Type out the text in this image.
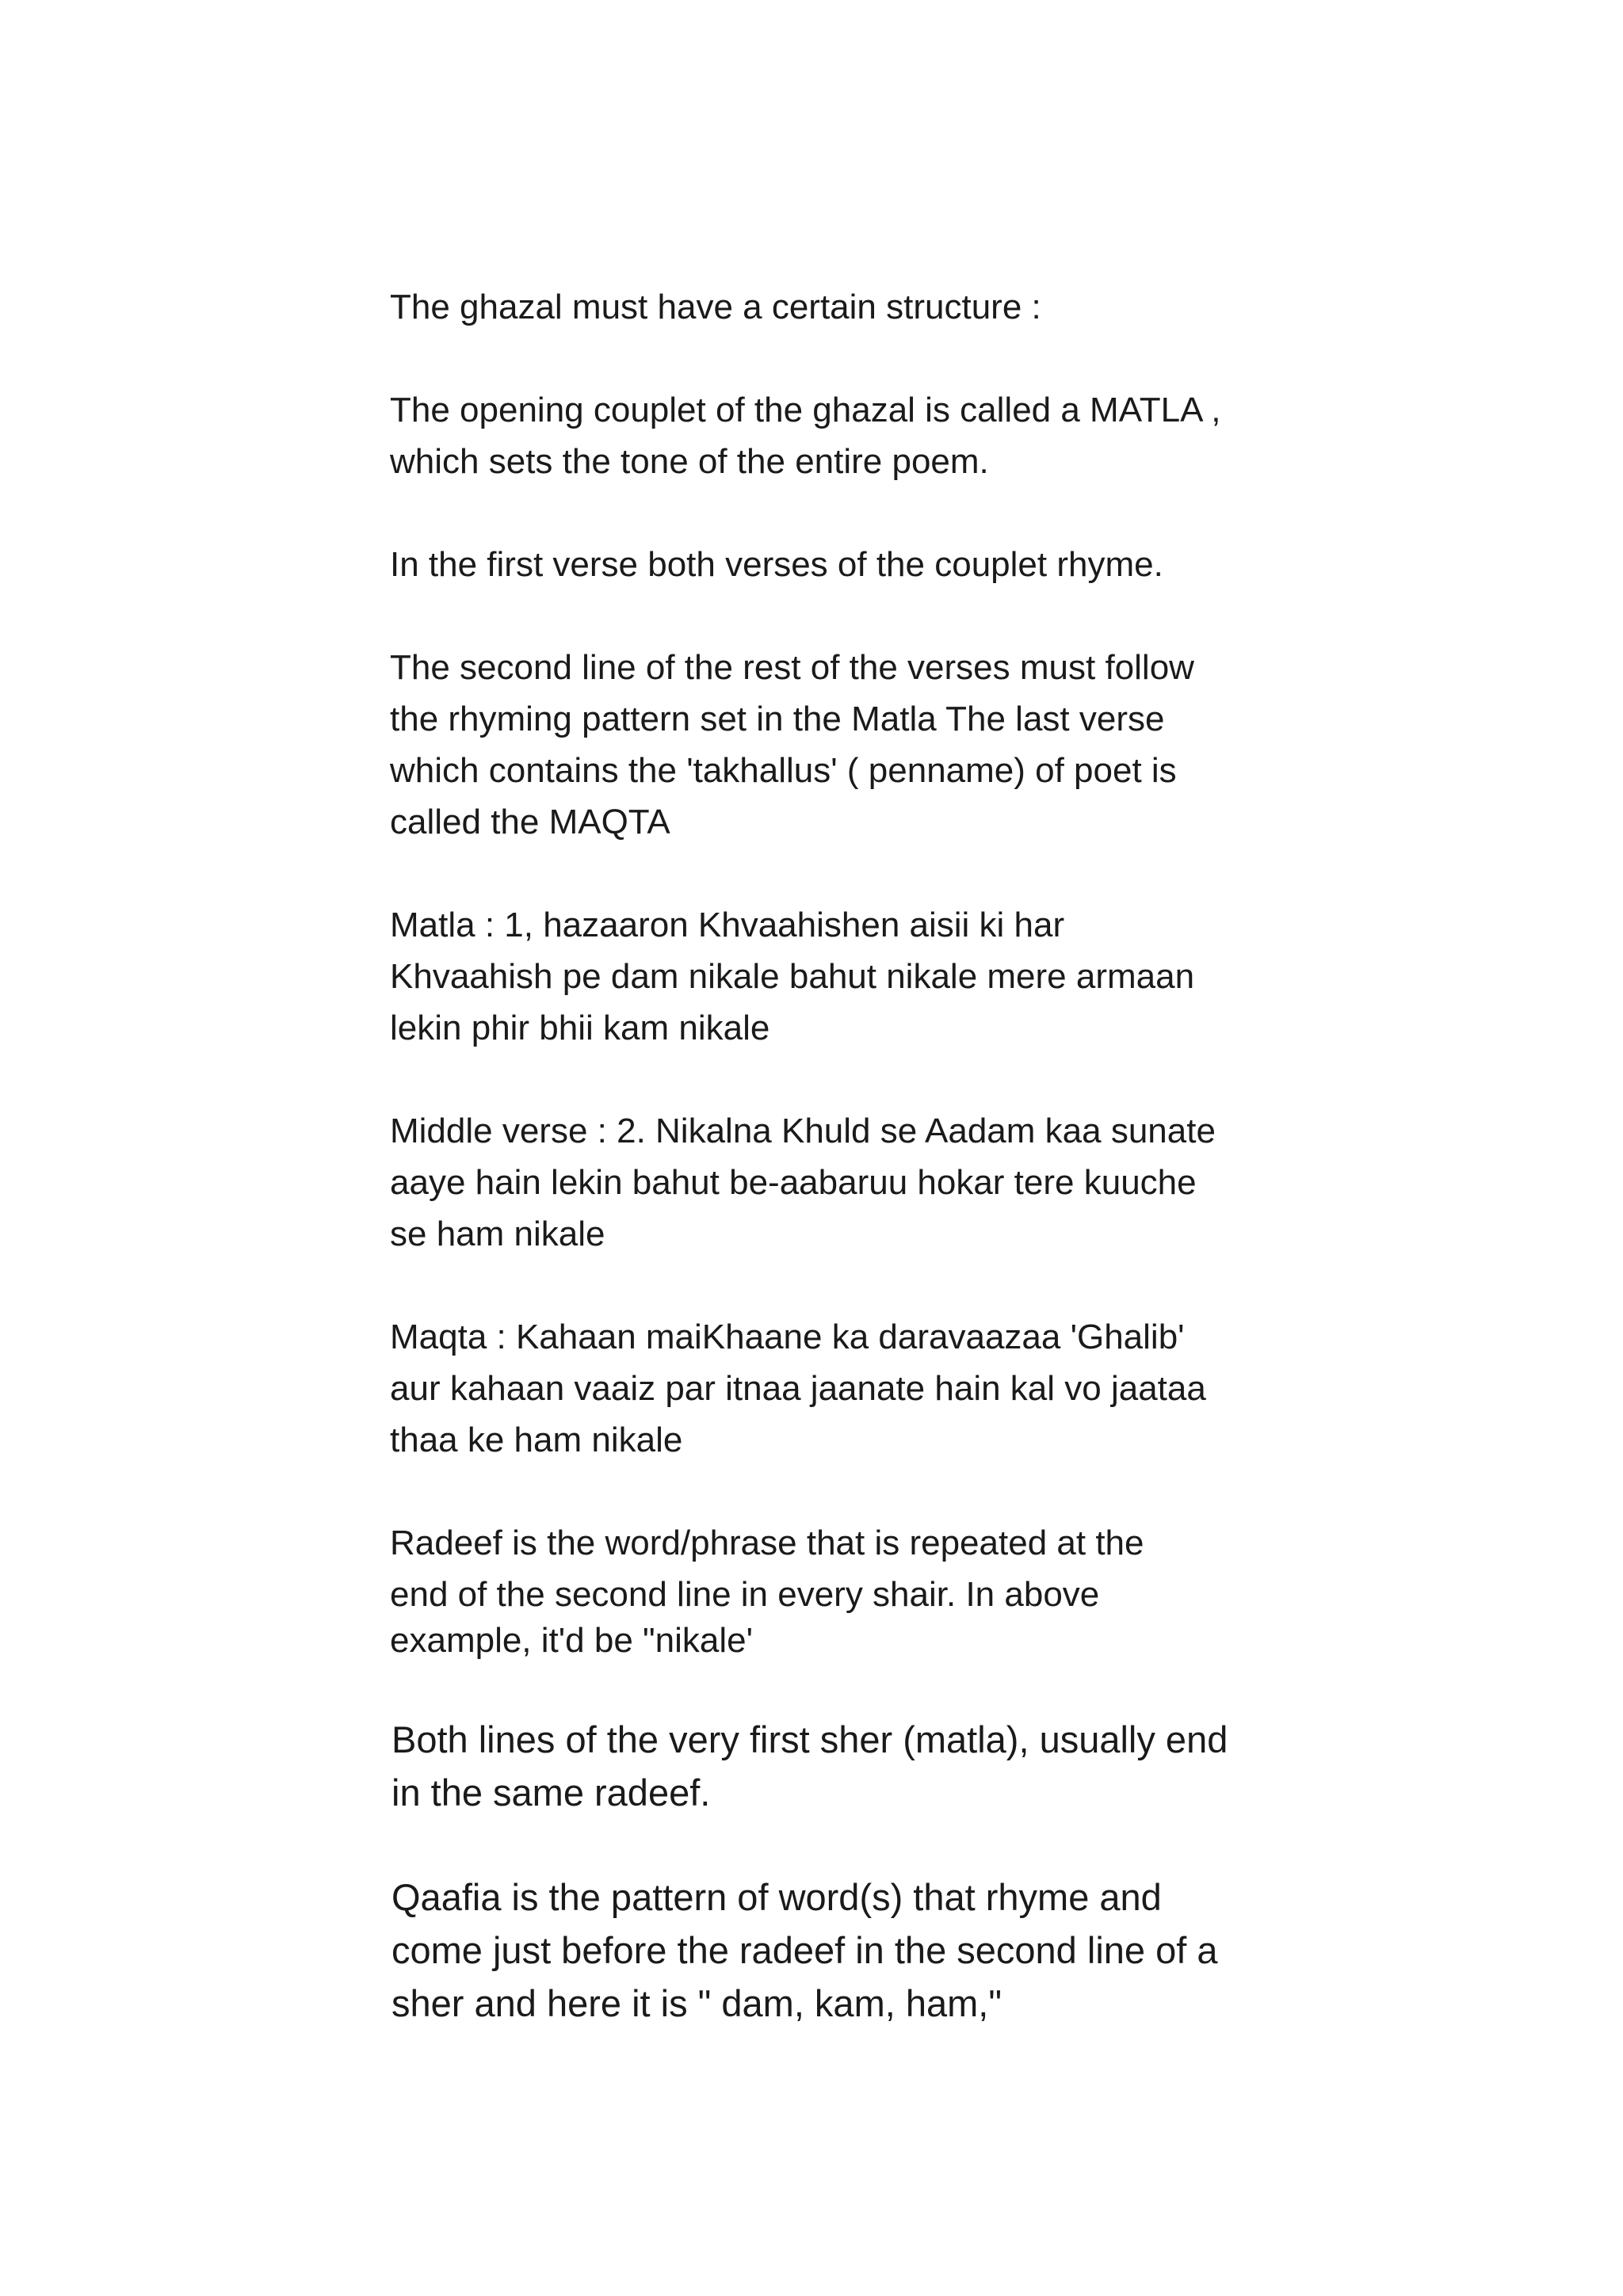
The ghazal must have a certain structure :

The opening couplet of the ghazal is called a MATLA ,
which sets the tone of the entire poem.

In the first verse both verses of the couplet rhyme.

The second line of the rest of the verses must follow
the rhyming pattern set in the Matla The last verse
which contains the 'takhallus' ( penname) of poet is
called the MAQTA

Matla : 1, hazaaron Khvaahishen aisii ki har
Khvaahish pe dam nikale bahut nikale mere armaan
lekin phir bhii kam nikale

Middle verse : 2. Nikalna Khuld se Aadam kaa sunate
aaye hain lekin bahut be-aabaruu hokar tere kuuche
se ham nikale

Maqta : Kahaan maiKhaane ka daravaazaa 'Ghalib'
aur kahaan vaaiz par itnaa jaanate hain kal vo jaataa
thaa ke ham nikale

Radeef is the word/phrase that is repeated at the
end of the second line in every shair. In above
example, it'd be "nikale'

Both lines of the very first sher (matla), usually end
in the same radeef.

Qaafia is the pattern of word(s) that rhyme and
come just before the radeef in the second line of a
sher and here it is " dam, kam, ham,"
